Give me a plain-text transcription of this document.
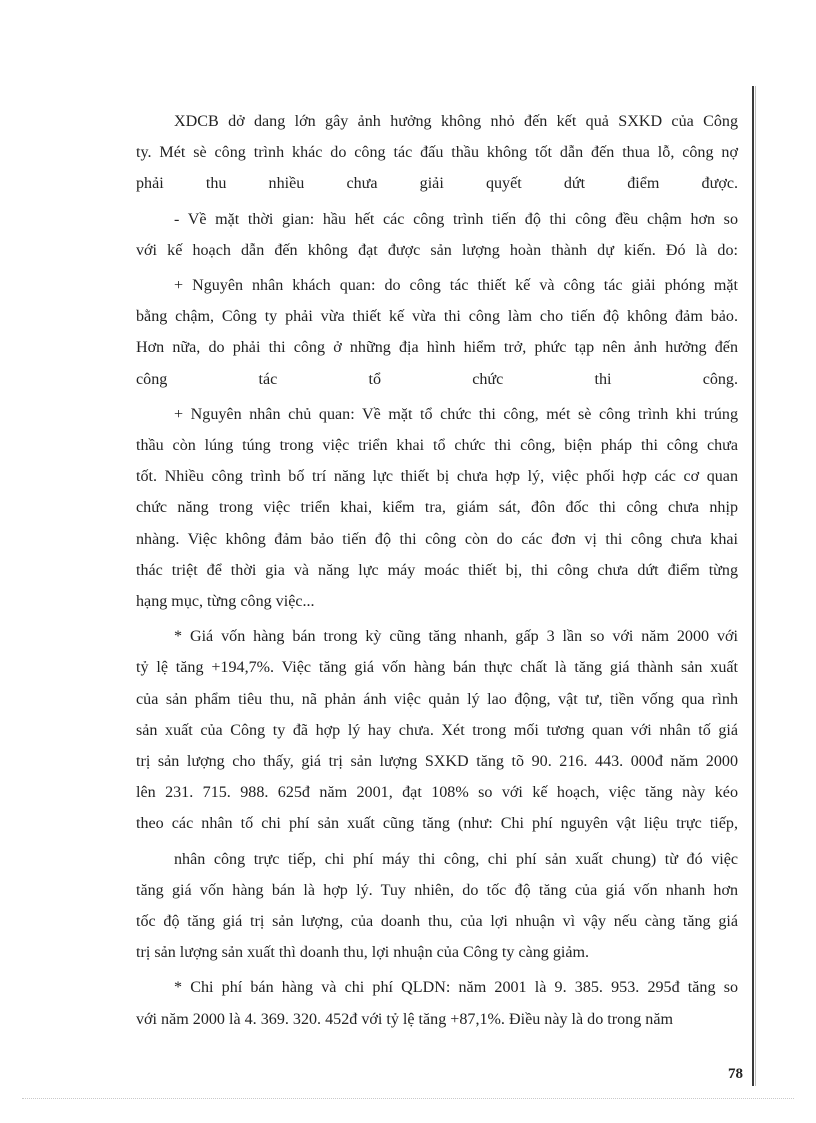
XDCB dở dang lớn gây ảnh hưởng không nhỏ đến kết quả SXKD của Công
ty. Mét sè công trình khác do công tác đấu thầu không tốt dẫn đến thua lỗ, công nợ
phải thu nhiều chưa giải quyết dứt điểm được.
- Về mặt thời gian: hầu hết các công trình tiến độ thi công đều chậm hơn so
với kế hoạch dẫn đến không đạt được sản lượng hoàn thành dự kiến. Đó là do:
+ Nguyên nhân khách quan: do công tác thiết kế và công tác giải phóng mặt
bằng chậm, Công ty phải vừa thiết kế vừa thi công làm cho tiến độ không đảm bảo.
Hơn nữa, do phải thi công ở những địa hình hiểm trở, phức tạp nên ảnh hưởng đến
công tác tổ chức thi công.
+ Nguyên nhân chủ quan: Về mặt tổ chức thi công, mét sè công trình khi trúng
thầu còn lúng túng trong việc triển khai tổ chức thi công, biện pháp thi công chưa
tốt. Nhiều công trình bố trí năng lực thiết bị chưa hợp lý, việc phối hợp các cơ quan
chức năng trong việc triển khai, kiểm tra, giám sát, đôn đốc thi công chưa nhịp
nhàng. Việc không đảm bảo tiến độ thi công còn do các đơn vị thi công chưa khai
thác triệt để thời gia và năng lực máy moác thiết bị, thi công chưa dứt điểm từng
hạng mục, từng công việc...
* Giá vốn hàng bán trong kỳ cũng tăng nhanh, gấp 3 lần so với năm 2000 với
tỷ lệ tăng +194,7%. Việc tăng giá vốn hàng bán thực chất là tăng giá thành sản xuất
của sản phẩm tiêu thu, nã phản ánh việc quản lý lao động, vật tư, tiền vống qua rình
sản xuất của Công ty đã hợp lý hay chưa. Xét trong mối tương quan với nhân tố giá
trị sản lượng cho thấy, giá trị sản lượng SXKD tăng tõ 90. 216. 443. 000đ năm 2000
lên 231. 715. 988. 625đ năm 2001, đạt 108% so với kế hoạch, việc tăng này kéo
theo các nhân tố chi phí sản xuất cũng tăng (như: Chi phí nguyên vật liệu trực tiếp,
nhân công trực tiếp, chi phí máy thi công, chi phí sản xuất chung) từ đó việc
tăng giá vốn hàng bán là hợp lý. Tuy nhiên, do tốc độ tăng của giá vốn nhanh hơn
tốc độ tăng giá trị sản lượng, của doanh thu, của lợi nhuận vì vậy nếu càng tăng giá
trị sản lượng sản xuất thì doanh thu, lợi nhuận của Công ty càng giảm.
* Chi phí bán hàng và chi phí QLDN: năm 2001 là 9. 385. 953. 295đ tăng so
với năm 2000 là 4. 369. 320. 452đ với tỷ lệ tăng +87,1%. Điều này là do trong năm
78
